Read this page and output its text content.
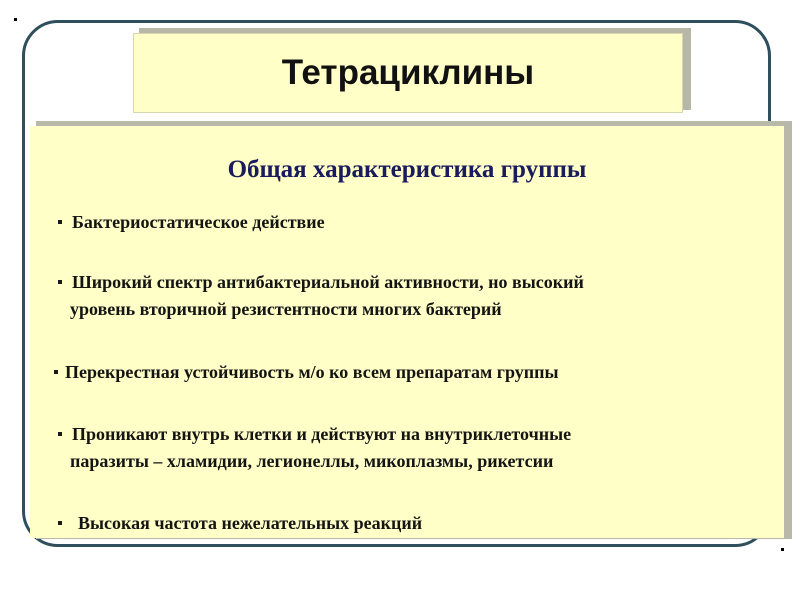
Тетрациклины
Общая характеристика группы
Бактериостатическое действие
Широкий спектр антибактериальной активности, но высокий
уровень вторичной резистентности многих бактерий
Перекрестная устойчивость м/о ко всем препаратам группы
Проникают внутрь клетки и действуют на внутриклеточные
паразиты – хламидии, легионеллы, микоплазмы, рикетсии
Высокая частота нежелательных реакций
